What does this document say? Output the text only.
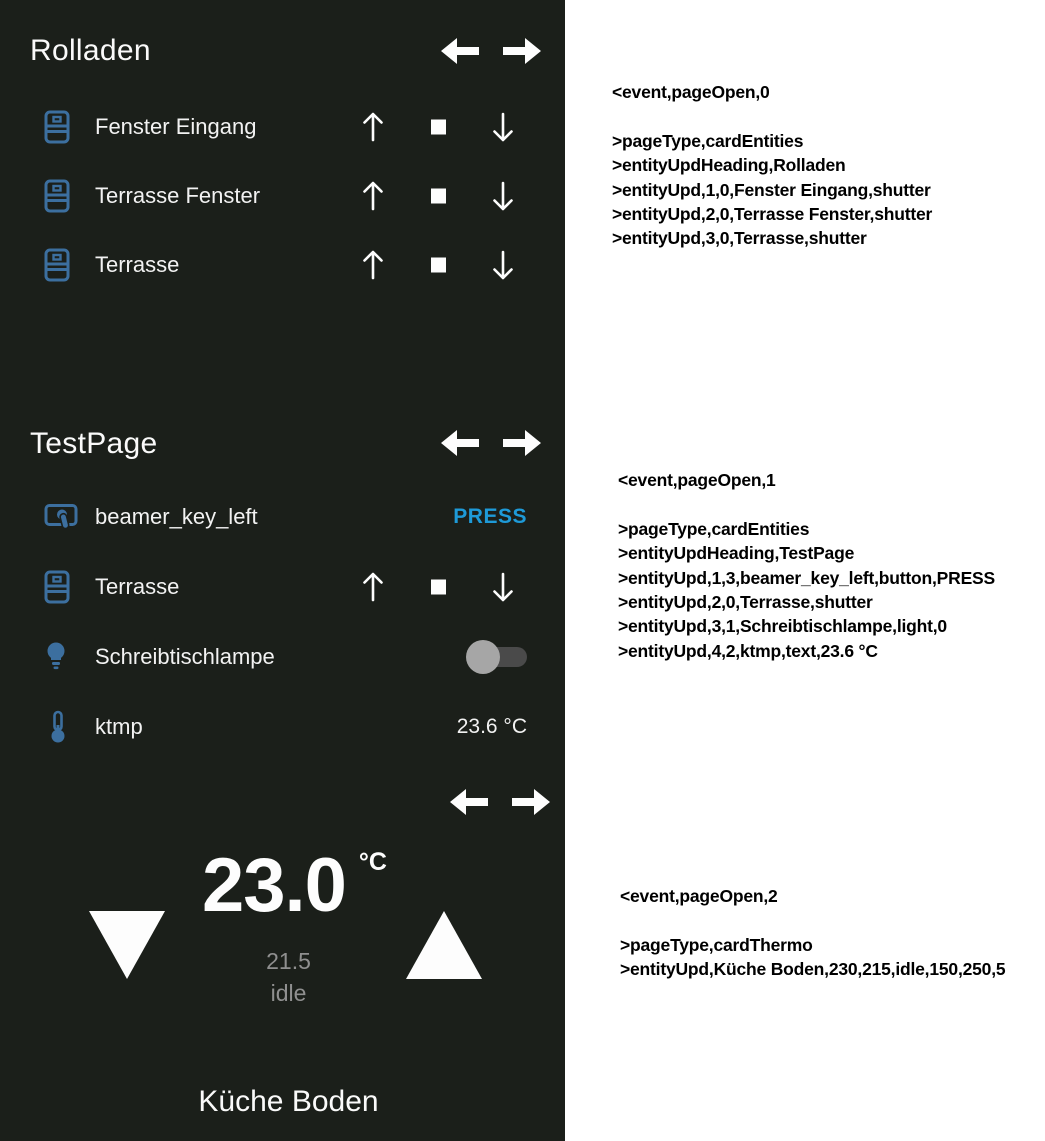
Rolladen
Fenster Eingang
Terrasse Fenster
Terrasse
TestPage
beamer_key_left	PRESS
Terrasse
Schreibtischlampe
ktmp	23.6 °C
23.0 °C
21.5
idle
Küche Boden
<event,pageOpen,0
>pageType,cardEntities
>entityUpdHeading,Rolladen
>entityUpd,1,0,Fenster Eingang,shutter
>entityUpd,2,0,Terrasse Fenster,shutter
>entityUpd,3,0,Terrasse,shutter
<event,pageOpen,1
>pageType,cardEntities
>entityUpdHeading,TestPage
>entityUpd,1,3,beamer_key_left,button,PRESS
>entityUpd,2,0,Terrasse,shutter
>entityUpd,3,1,Schreibtischlampe,light,0
>entityUpd,4,2,ktmp,text,23.6 °C
<event,pageOpen,2
>pageType,cardThermo
>entityUpd,Küche Boden,230,215,idle,150,250,5
